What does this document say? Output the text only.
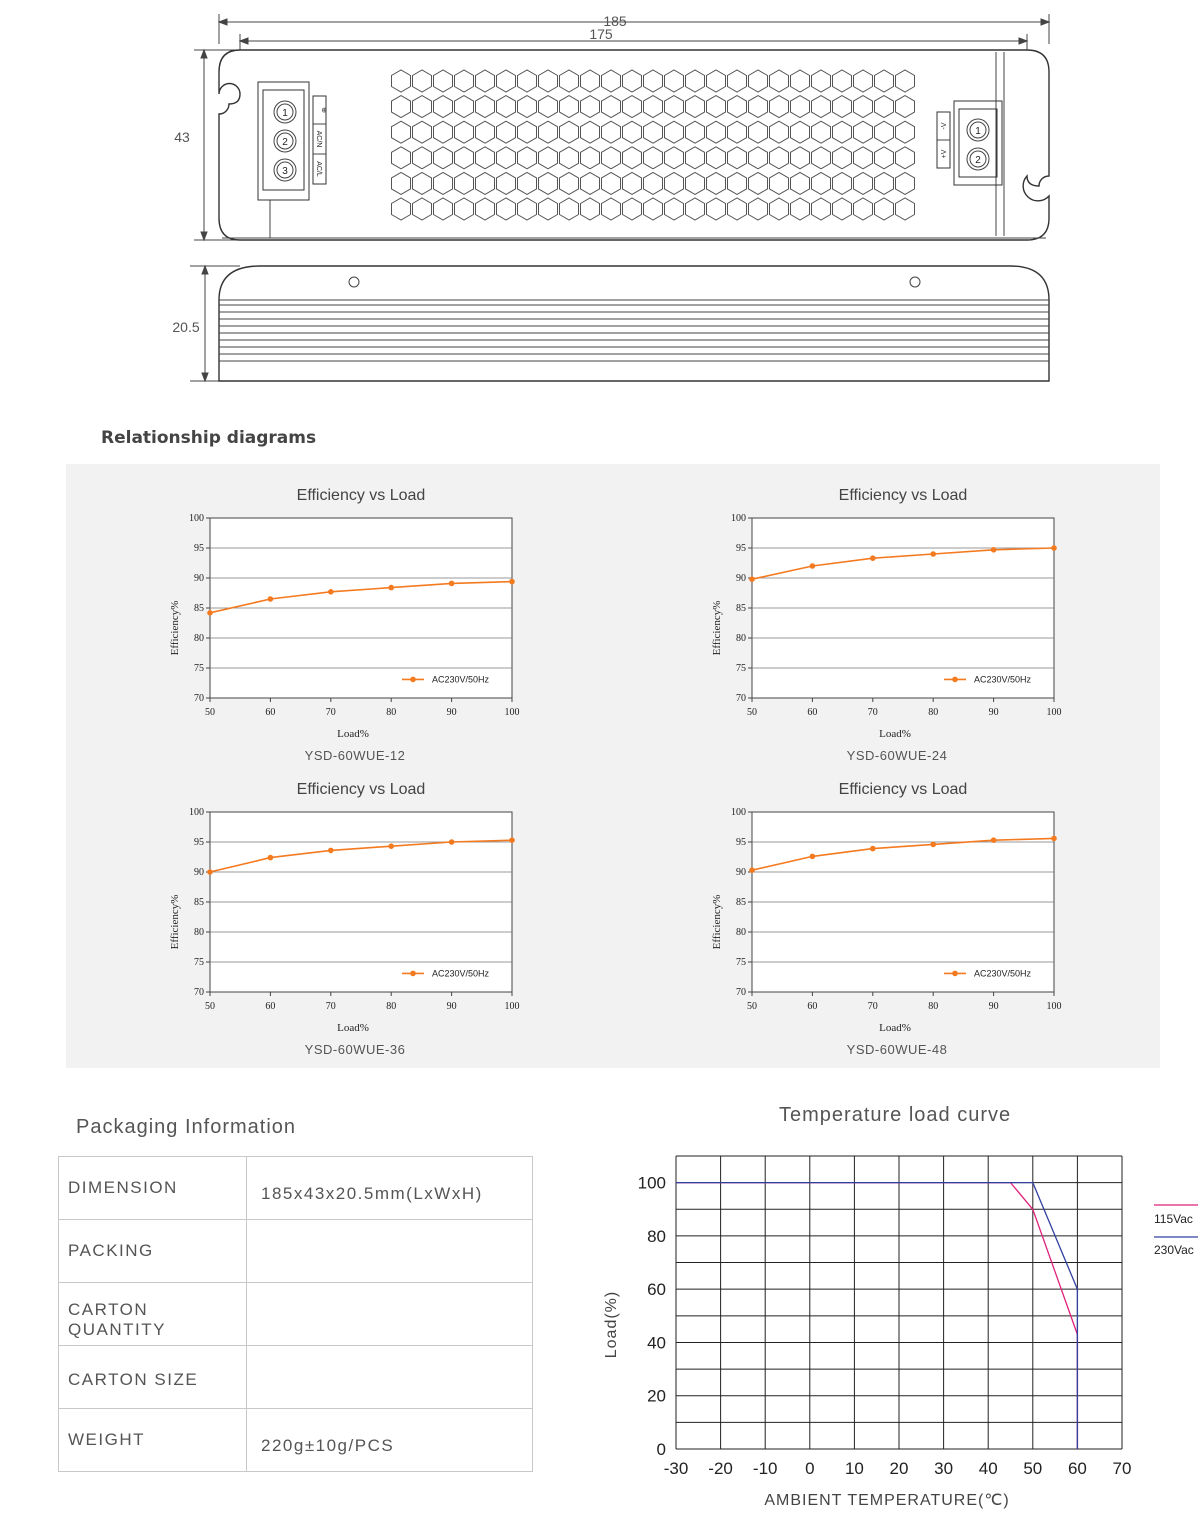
185
175
43
20.5
1
2
3
1
2
⊕
AC/N
AC/L
-V
+V
Relationship diagrams
Efficiency vs Load
100
95
90
85
80
75
70
50	60	70	80	90	100
Load%
Efficiency%
YSD-60WUE-12
AC230V/50Hz
Efficiency vs Load
100
95
90
85
80
75
70
50	60	70	80	90	100
Load%
Efficiency%
YSD-60WUE-24
AC230V/50Hz
Efficiency vs Load
100
95
90
85
80
75
70
50	60	70	80	90	100
Load%
Efficiency%
YSD-60WUE-36
AC230V/50Hz
Efficiency vs Load
100
95
90
85
80
75
70
50	60	70	80	90	100
Load%
Efficiency%
YSD-60WUE-48
AC230V/50Hz
Packaging Information
DIMENSION	185x43x20.5mm(LxWxH)
PACKING	
CARTON QUANTITY	
CARTON SIZE	
WEIGHT	220g±10g/PCS
Temperature load curve
100
80
60
40
20
0
-30 -20 -10 0 10 20 30 40 50 60 70
AMBIENT TEMPERATURE(℃)
Load(%)
115Vac
230Vac
